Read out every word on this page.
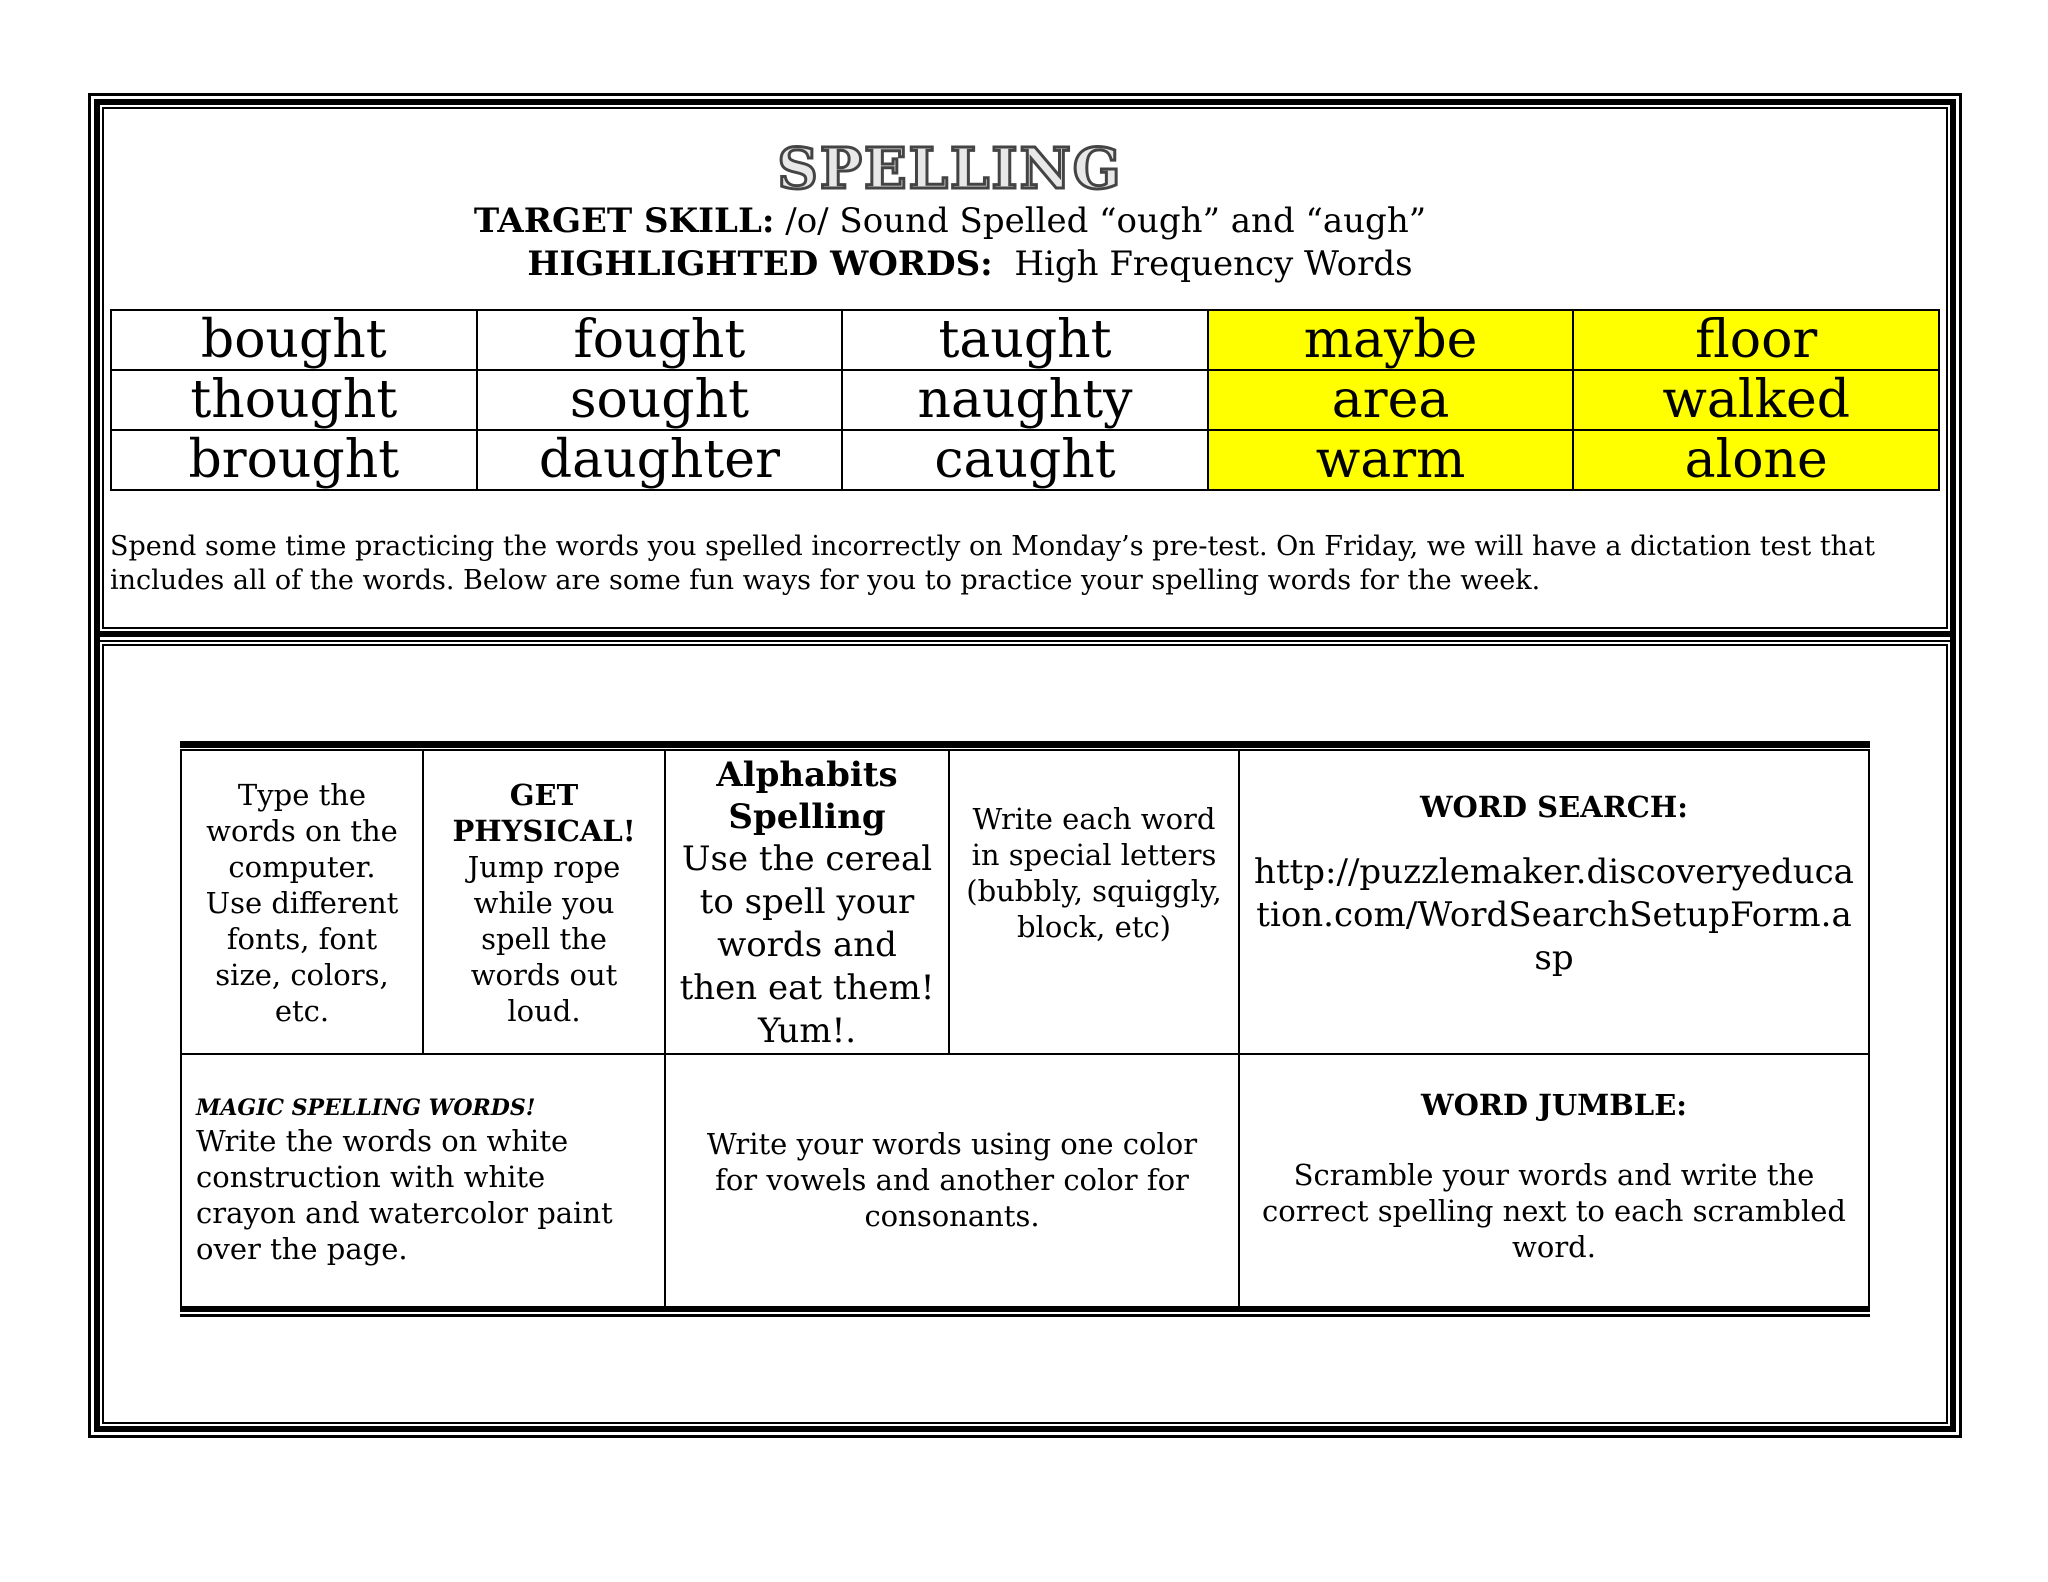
SPELLING
TARGET SKILL: /o/ Sound Spelled “ough” and “augh”
HIGHLIGHTED WORDS: High Frequency Words
bought	fought	taught	maybe	floor
thought	sought	naughty	area	walked
brought	daughter	caught	warm	alone
Spend some time practicing the words you spelled incorrectly on Monday’s pre-test. On Friday, we will have a dictation test that
includes all of the words. Below are some fun ways for you to practice your spelling words for the week.
Type the words on the computer. Use different fonts, font size, colors, etc.
GET PHYSICAL!
Jump rope while you spell the words out loud.
Alphabits Spelling
Use the cereal to spell your words and then eat them! Yum!.
Write each word in special letters (bubbly, squiggly, block, etc)
WORD SEARCH:
http://puzzlemaker.discoveryeducation.com/WordSearchSetupForm.asp
MAGIC SPELLING WORDS!
Write the words on white construction with white crayon and watercolor paint over the page.
Write your words using one color for vowels and another color for consonants.
WORD JUMBLE:
Scramble your words and write the correct spelling next to each scrambled word.
